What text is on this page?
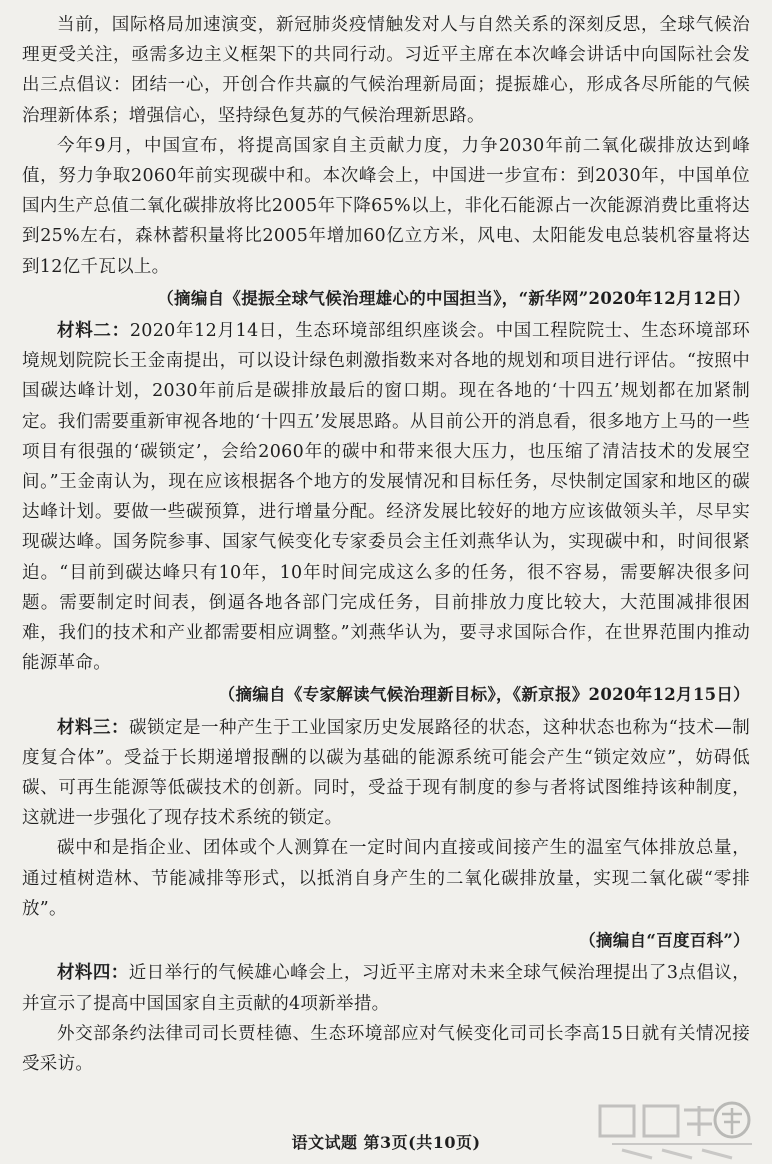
当前，国际格局加速演变，新冠肺炎疫情触发对人与自然关系的深刻反思，全球气候治理更受关注，亟需多边主义框架下的共同行动。习近平主席在本次峰会讲话中向国际社会发出三点倡议：团结一心，开创合作共赢的气候治理新局面；提振雄心，形成各尽所能的气候治理新体系；增强信心，坚持绿色复苏的气候治理新思路。

今年9月，中国宣布，将提高国家自主贡献力度，力争2030年前二氧化碳排放达到峰值，努力争取2060年前实现碳中和。本次峰会上，中国进一步宣布：到2030年，中国单位国内生产总值二氧化碳排放将比2005年下降65%以上，非化石能源占一次能源消费比重将达到25%左右，森林蓄积量将比2005年增加60亿立方米，风电、太阳能发电总装机容量将达到12亿千瓦以上。

（摘编自《提振全球气候治理雄心的中国担当》，“新华网”2020年12月12日）

材料二：2020年12月14日，生态环境部组织座谈会。中国工程院院士、生态环境部环境规划院院长王金南提出，可以设计绿色刺激指数来对各地的规划和项目进行评估。“按照中国碳达峰计划，2030年前后是碳排放最后的窗口期。现在各地的‘十四五’规划都在加紧制定。我们需要重新审视各地的‘十四五’发展思路。从目前公开的消息看，很多地方上马的一些项目有很强的‘碳锁定’，会给2060年的碳中和带来很大压力，也压缩了清洁技术的发展空间。”王金南认为，现在应该根据各个地方的发展情况和目标任务，尽快制定国家和地区的碳达峰计划。要做一些碳预算，进行增量分配。经济发展比较好的地方应该做领头羊，尽早实现碳达峰。国务院参事、国家气候变化专家委员会主任刘燕华认为，实现碳中和，时间很紧迫。“目前到碳达峰只有10年，10年时间完成这么多的任务，很不容易，需要解决很多问题。需要制定时间表，倒逼各地各部门完成任务，目前排放力度比较大，大范围减排很困难，我们的技术和产业都需要相应调整。”刘燕华认为，要寻求国际合作，在世界范围内推动能源革命。

（摘编自《专家解读气候治理新目标》，《新京报》2020年12月15日）

材料三：碳锁定是一种产生于工业国家历史发展路径的状态，这种状态也称为“技术—制度复合体”。受益于长期递增报酬的以碳为基础的能源系统可能会产生“锁定效应”，妨碍低碳、可再生能源等低碳技术的创新。同时，受益于现有制度的参与者将试图维持该种制度，这就进一步强化了现存技术系统的锁定。

碳中和是指企业、团体或个人测算在一定时间内直接或间接产生的温室气体排放总量，通过植树造林、节能减排等形式，以抵消自身产生的二氧化碳排放量，实现二氧化碳“零排放”。

（摘编自“百度百科”）

材料四：近日举行的气候雄心峰会上，习近平主席对未来全球气候治理提出了3点倡议，并宣示了提高中国国家自主贡献的4项新举措。

外交部条约法律司司长贾桂德、生态环境部应对气候变化司司长李高15日就有关情况接受采访。

语文试题 第3页(共10页)
